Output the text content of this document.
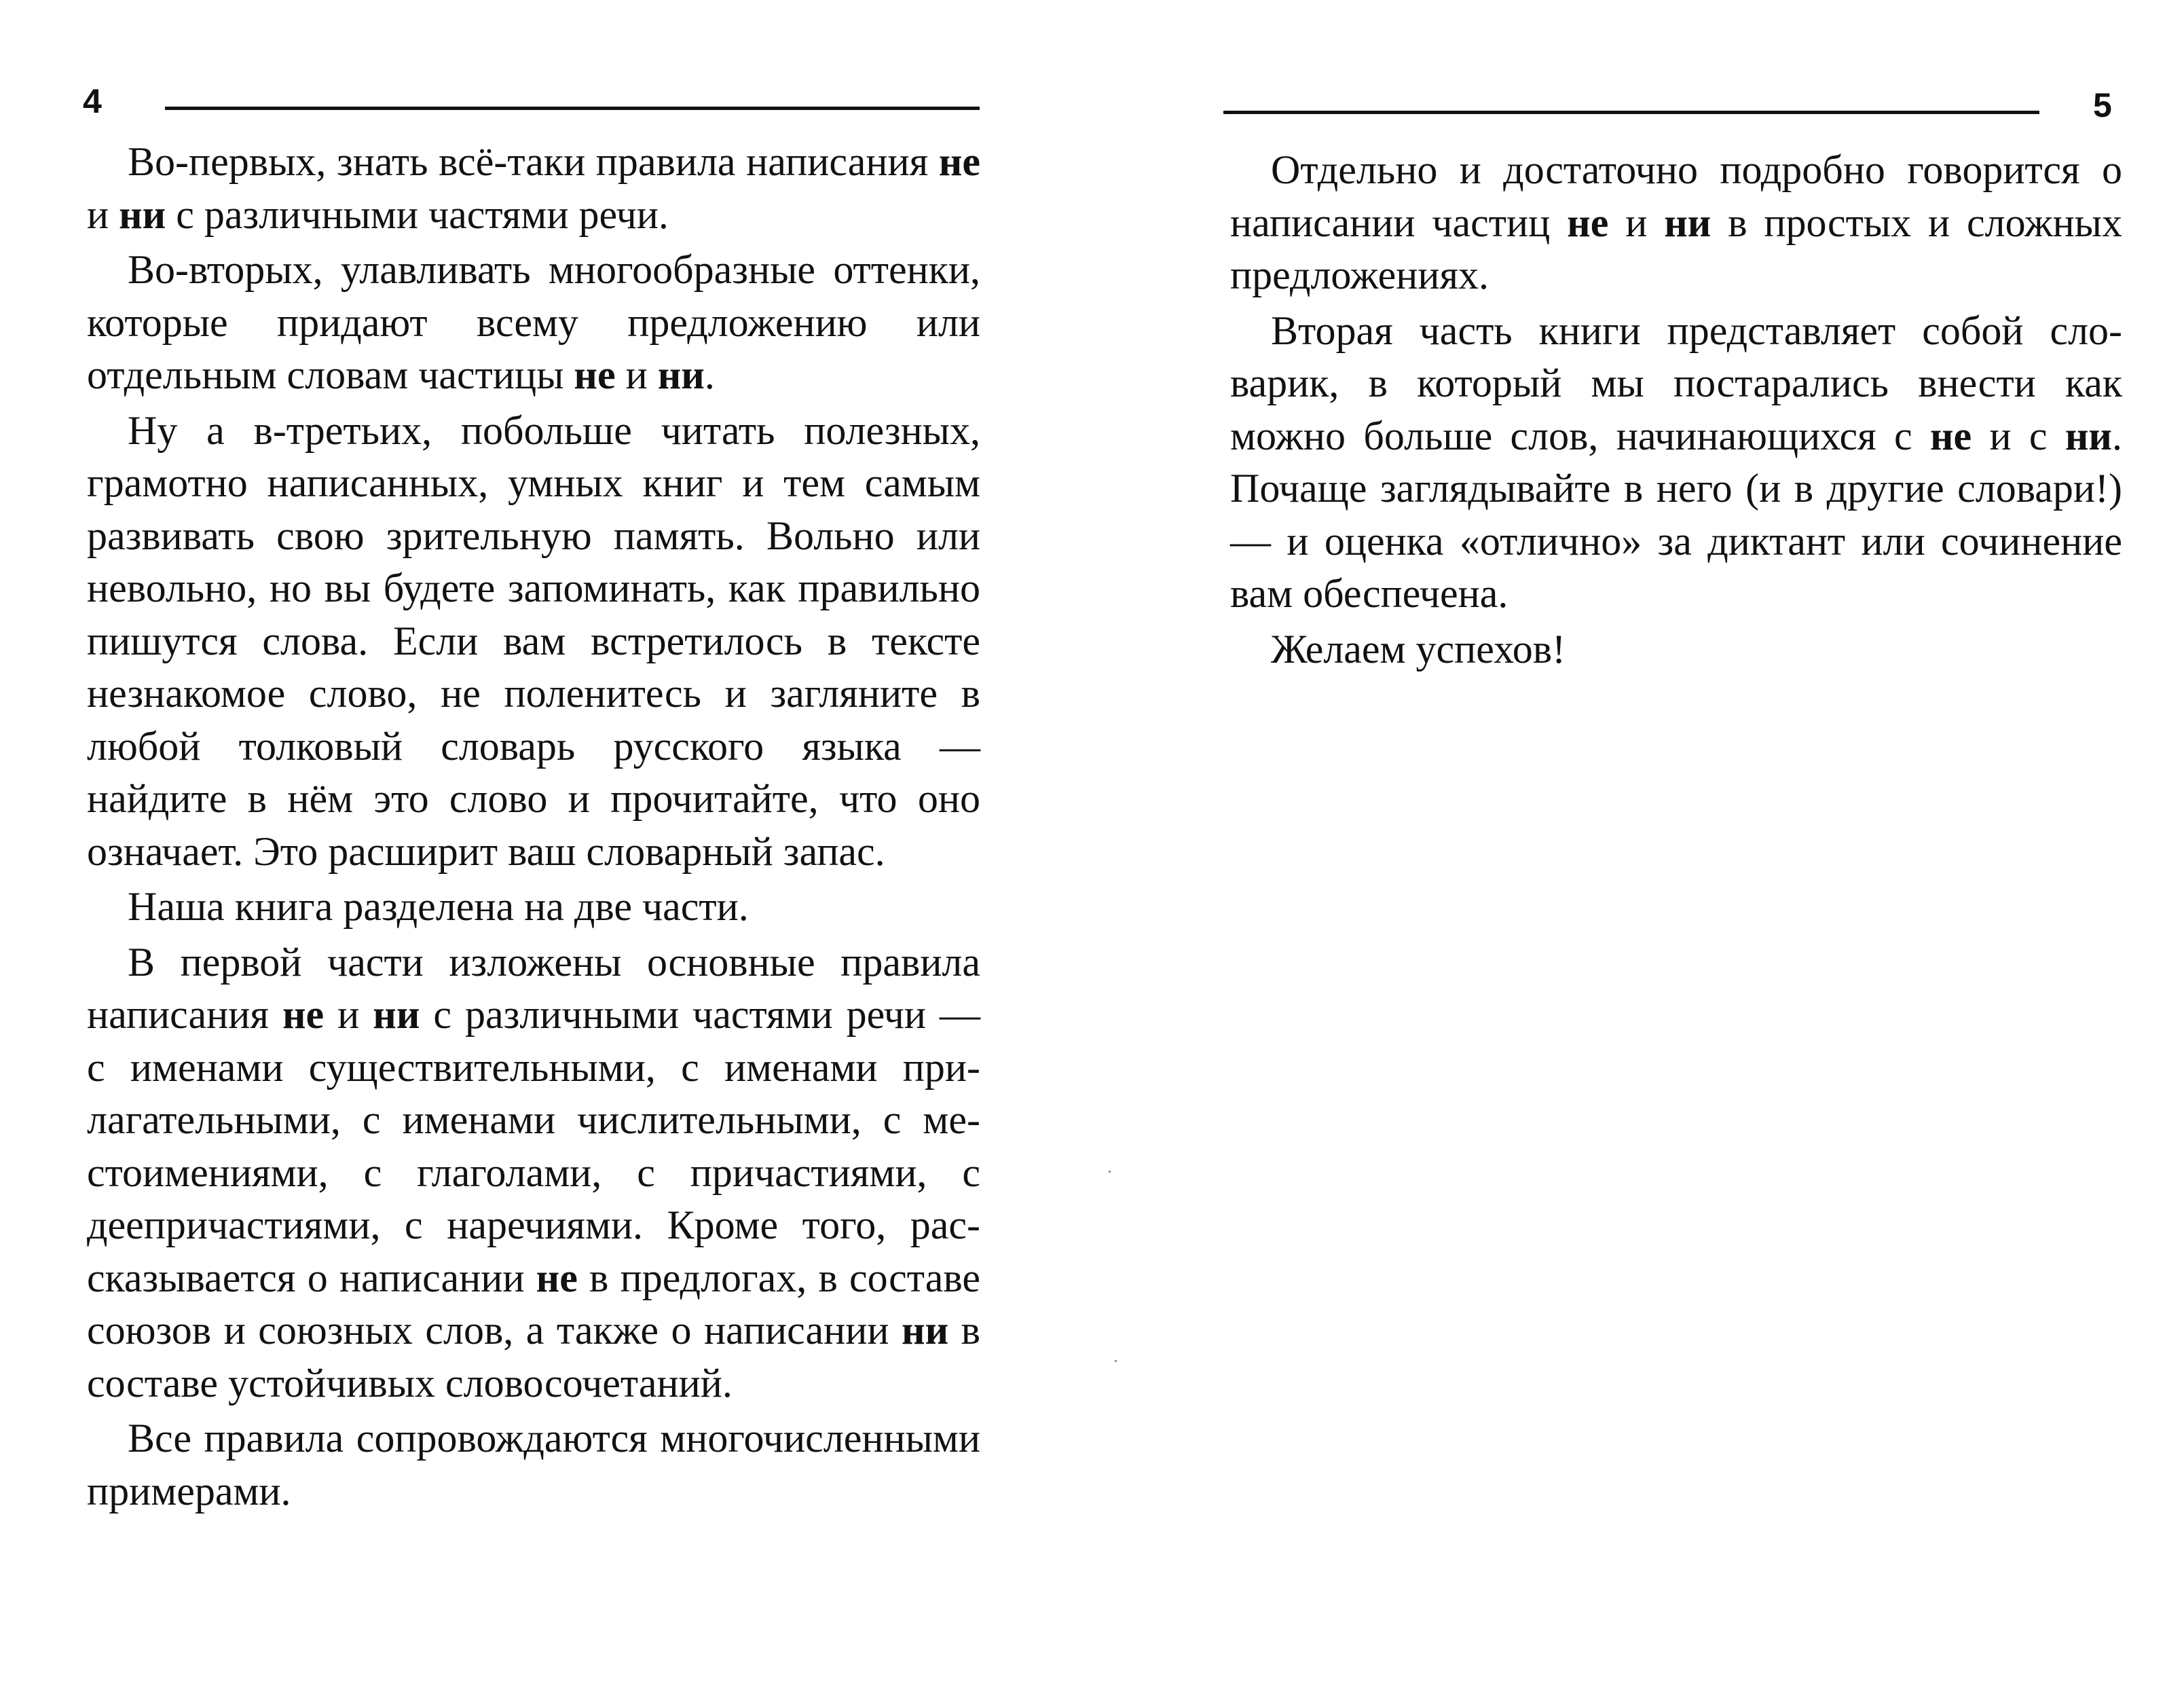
4

Во-первых, знать всё-таки правила написания не и ни с различными частями речи.

Во-вторых, улавливать многообразные оттенки, которые придают всему предложению или отдельным словам частицы не и ни.

Ну а в-третьих, побольше читать полезных, грамотно написанных, умных книг и тем самым развивать свою зрительную память. Вольно или невольно, но вы будете запоминать, как правильно пишутся слова. Если вам встретилось в тексте незнакомое слово, не поленитесь и загляните в любой толковый словарь русского языка — найдите в нём это слово и прочитайте, что оно означает. Это расширит ваш словарный запас.

Наша книга разделена на две части.

В первой части изложены основные правила написания не и ни с различными частями речи — с именами существительными, с именами прилагательными, с именами числительными, с местоимениями, с глаголами, с причастиями, с деепричастиями, с наречиями. Кроме того, рассказывается о написании не в предлогах, в составе союзов и союзных слов, а также о написании ни в составе устойчивых словосочетаний.

Все правила сопровождаются многочисленными примерами.

5

Отдельно и достаточно подробно говорится о написании частиц не и ни в простых и сложных предложениях.

Вторая часть книги представляет собой словарик, в который мы постарались внести как можно больше слов, начинающихся с не и с ни. Почаще заглядывайте в него (и в другие словари!) — и оценка «отлично» за диктант или сочинение вам обеспечена.

Желаем успехов!
